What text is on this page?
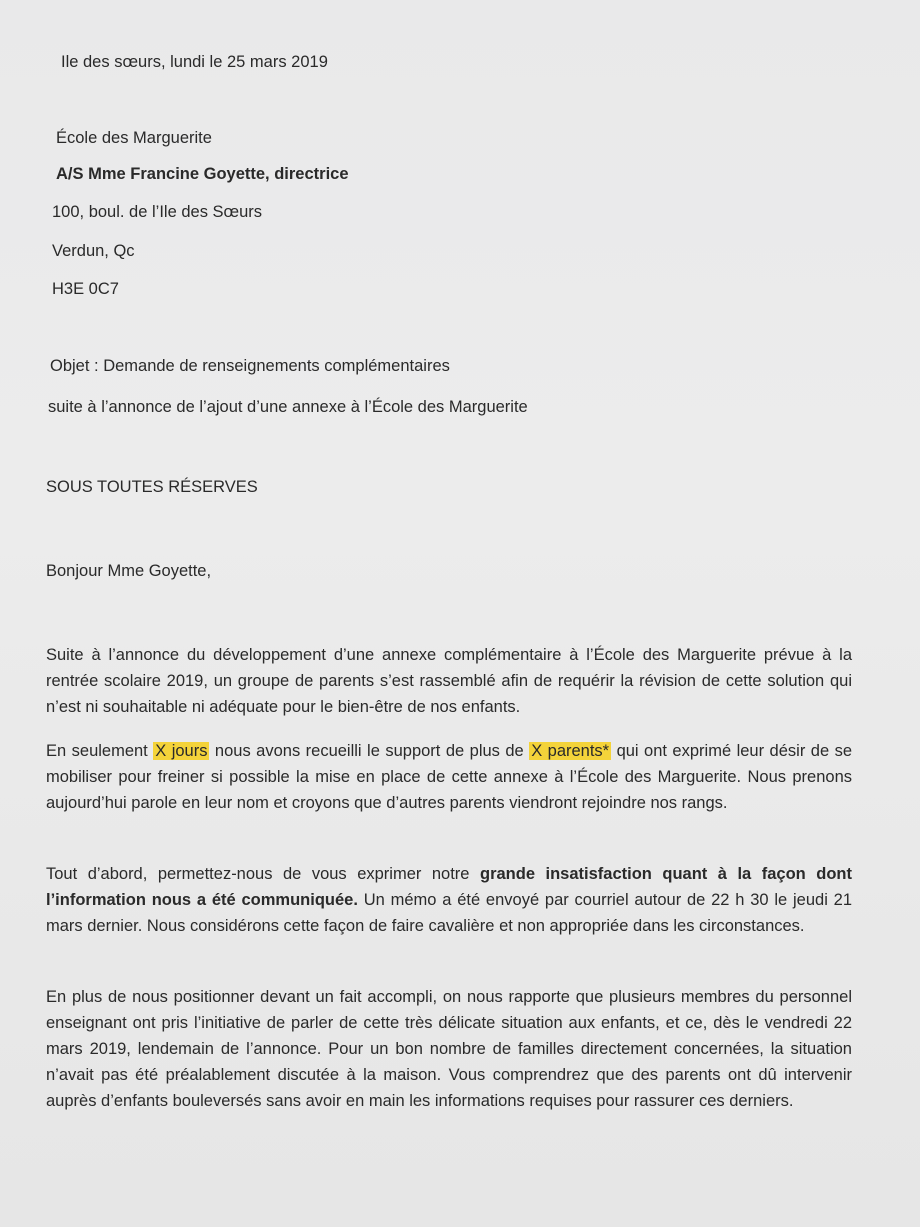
Ile des sœurs, lundi le 25 mars 2019
École des Marguerite
A/S Mme Francine Goyette, directrice
100, boul. de l’Ile des Sœurs
Verdun, Qc
H3E 0C7
Objet : Demande de renseignements complémentaires
suite à l’annonce de l’ajout d’une annexe à l’École des Marguerite
SOUS TOUTES RÉSERVES
Bonjour Mme Goyette,
Suite à l’annonce du développement d’une annexe complémentaire à l’École des Marguerite prévue à la rentrée scolaire 2019, un groupe de parents s’est rassemblé afin de requérir la révision de cette solution qui n’est ni souhaitable ni adéquate pour le bien-être de nos enfants.
En seulement X jours nous avons recueilli le support de plus de X parents* qui ont exprimé leur désir de se mobiliser pour freiner si possible la mise en place de cette annexe à l’École des Marguerite. Nous prenons aujourd’hui parole en leur nom et croyons que d’autres parents viendront rejoindre nos rangs.
Tout d’abord, permettez-nous de vous exprimer notre grande insatisfaction quant à la façon dont l’information nous a été communiquée. Un mémo a été envoyé par courriel autour de 22 h 30 le jeudi 21 mars dernier. Nous considérons cette façon de faire cavalière et non appropriée dans les circonstances.
En plus de nous positionner devant un fait accompli, on nous rapporte que plusieurs membres du personnel enseignant ont pris l’initiative de parler de cette très délicate situation aux enfants, et ce, dès le vendredi 22 mars 2019, lendemain de l’annonce. Pour un bon nombre de familles directement concernées, la situation n’avait pas été préalablement discutée à la maison. Vous comprendrez que des parents ont dû intervenir auprès d’enfants bouleversés sans avoir en main les informations requises pour rassurer ces derniers.
